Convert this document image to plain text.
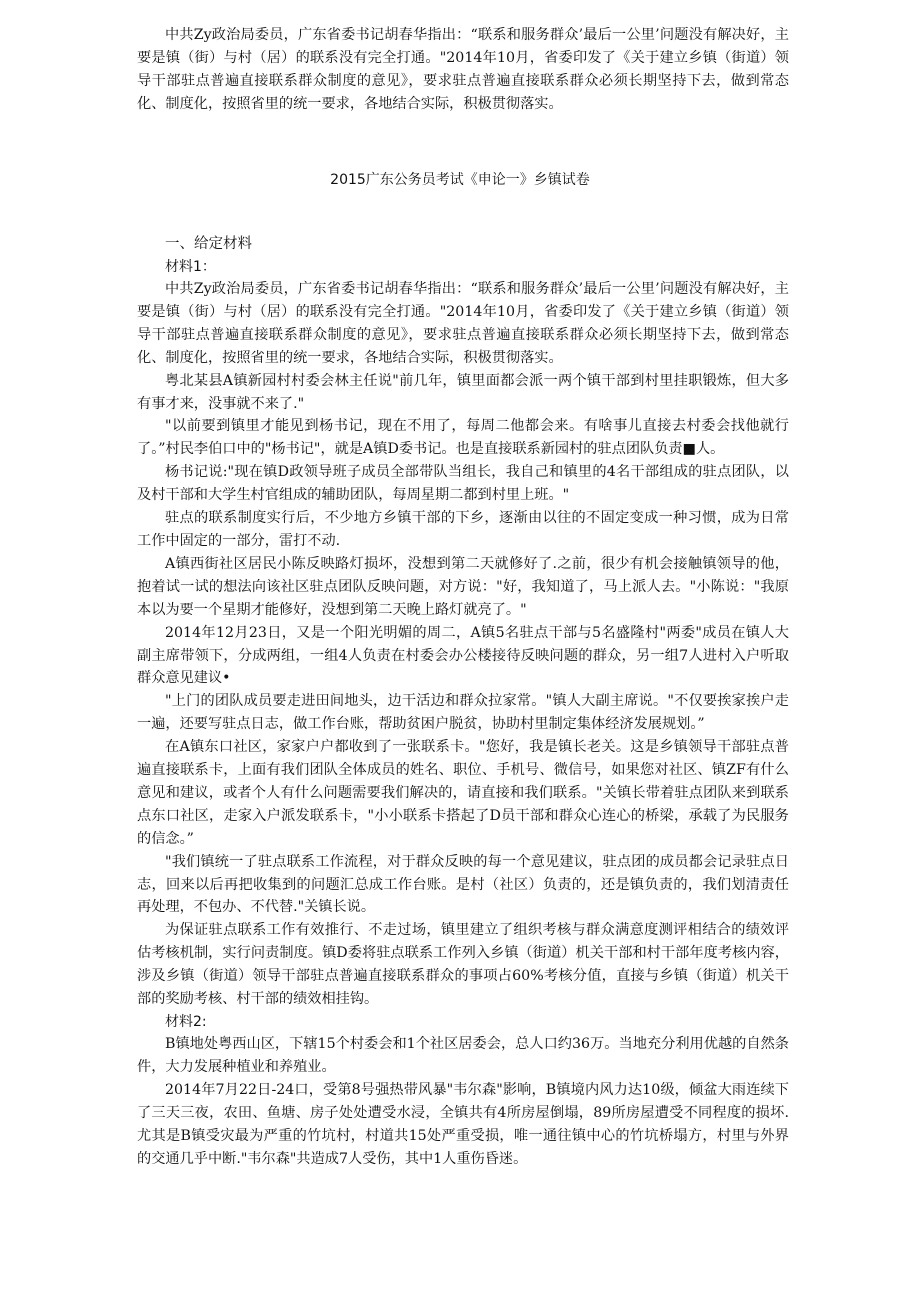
中共Zy政治局委员，广东省委书记胡春华指出：“联系和服务群众’最后一公里’问题没有解决好，主要是镇（街）与村（居）的联系没有完全打通。"2014年10月，省委印发了《关于建立乡镇（街道）领导干部驻点普遍直接联系群众制度的意见》，要求驻点普遍直接联系群众必须长期坚持下去，做到常态化、制度化，按照省里的统一要求，各地结合实际，积极贯彻落实。

2015广东公务员考试《申论一》乡镇试卷

一、给定材料

材料1：

中共Zy政治局委员，广东省委书记胡春华指出：“联系和服务群众’最后一公里’问题没有解决好，主要是镇（街）与村（居）的联系没有完全打通。"2014年10月，省委印发了《关于建立乡镇（街道）领导干部驻点普遍直接联系群众制度的意见》，要求驻点普遍直接联系群众必须长期坚持下去，做到常态化、制度化，按照省里的统一要求，各地结合实际，积极贯彻落实。

粤北某县A镇新园村村委会林主任说"前几年，镇里面都会派一两个镇干部到村里挂职锻炼，但大多有事才来，没事就不来了."

"以前要到镇里才能见到杨书记，现在不用了，每周二他都会来。有啥事儿直接去村委会找他就行了。”村民李伯口中的"杨书记"，就是A镇D委书记。也是直接联系新园村的驻点团队负责■人。

杨书记说:"现在镇D政领导班子成员全部带队当组长，我自己和镇里的4名干部组成的驻点团队，以及村干部和大学生村官组成的辅助团队，每周星期二都到村里上班。"

驻点的联系制度实行后，不少地方乡镇干部的下乡，逐渐由以往的不固定变成一种习惯，成为日常工作中固定的一部分，雷打不动.

A镇西街社区居民小陈反映路灯损坏，没想到第二天就修好了.之前，很少有机会接触镇领导的他，抱着试一试的想法向该社区驻点团队反映问题，对方说："好，我知道了，马上派人去。"小陈说："我原本以为要一个星期才能修好，没想到第二天晚上路灯就亮了。"

2014年12月23日，又是一个阳光明媚的周二，A镇5名驻点干部与5名盛隆村"两委"成员在镇人大副主席带领下，分成两组，一组4人负责在村委会办公楼接待反映问题的群众，另一组7人进村入户听取群众意见建议•

"上门的团队成员要走进田间地头，边干活边和群众拉家常。"镇人大副主席说。"不仅要挨家挨户走一遍，还要写驻点日志，做工作台账，帮助贫困户脱贫，协助村里制定集体经济发展规划。”

在A镇东口社区，家家户户都收到了一张联系卡。"您好，我是镇长老关。这是乡镇领导干部驻点普遍直接联系卡，上面有我们团队全体成员的姓名、职位、手机号、微信号，如果您对社区、镇ZF有什么意见和建议，或者个人有什么问题需要我们解决的，请直接和我们联系。"关镇长带着驻点团队来到联系点东口社区，走家入户派发联系卡，"小小联系卡搭起了D员干部和群众心连心的桥梁，承载了为民服务的信念。”

"我们镇统一了驻点联系工作流程，对于群众反映的每一个意见建议，驻点团的成员都会记录驻点日志，回来以后再把收集到的问题汇总成工作台账。是村（社区）负责的，还是镇负责的，我们划清责任再处理，不包办、不代替."关镇长说。

为保证驻点联系工作有效推行、不走过场，镇里建立了组织考核与群众满意度测评相结合的绩效评估考核机制，实行问责制度。镇D委将驻点联系工作列入乡镇（街道）机关干部和村干部年度考核内容，涉及乡镇（街道）领导干部驻点普遍直接联系群众的事项占60%考核分值，直接与乡镇（街道）机关干部的奖励考核、村干部的绩效相挂钩。

材料2:

B镇地处粤西山区，下辖15个村委会和1个社区居委会，总人口约36万。当地充分利用优越的自然条件，大力发展种植业和养殖业。

2014年7月22日-24口，受第8号强热带风暴"韦尔森"影响，B镇境内风力达10级，倾盆大雨连续下了三天三夜，农田、鱼塘、房子处处遭受水浸，全镇共有4所房屋倒塌，89所房屋遭受不同程度的损坏.尤其是B镇受灾最为严重的竹坑村，村道共15处严重受损，唯一通往镇中心的竹坑桥塌方，村里与外界的交通几乎中断."韦尔森"共造成7人受伤，其中1人重伤昏迷。
